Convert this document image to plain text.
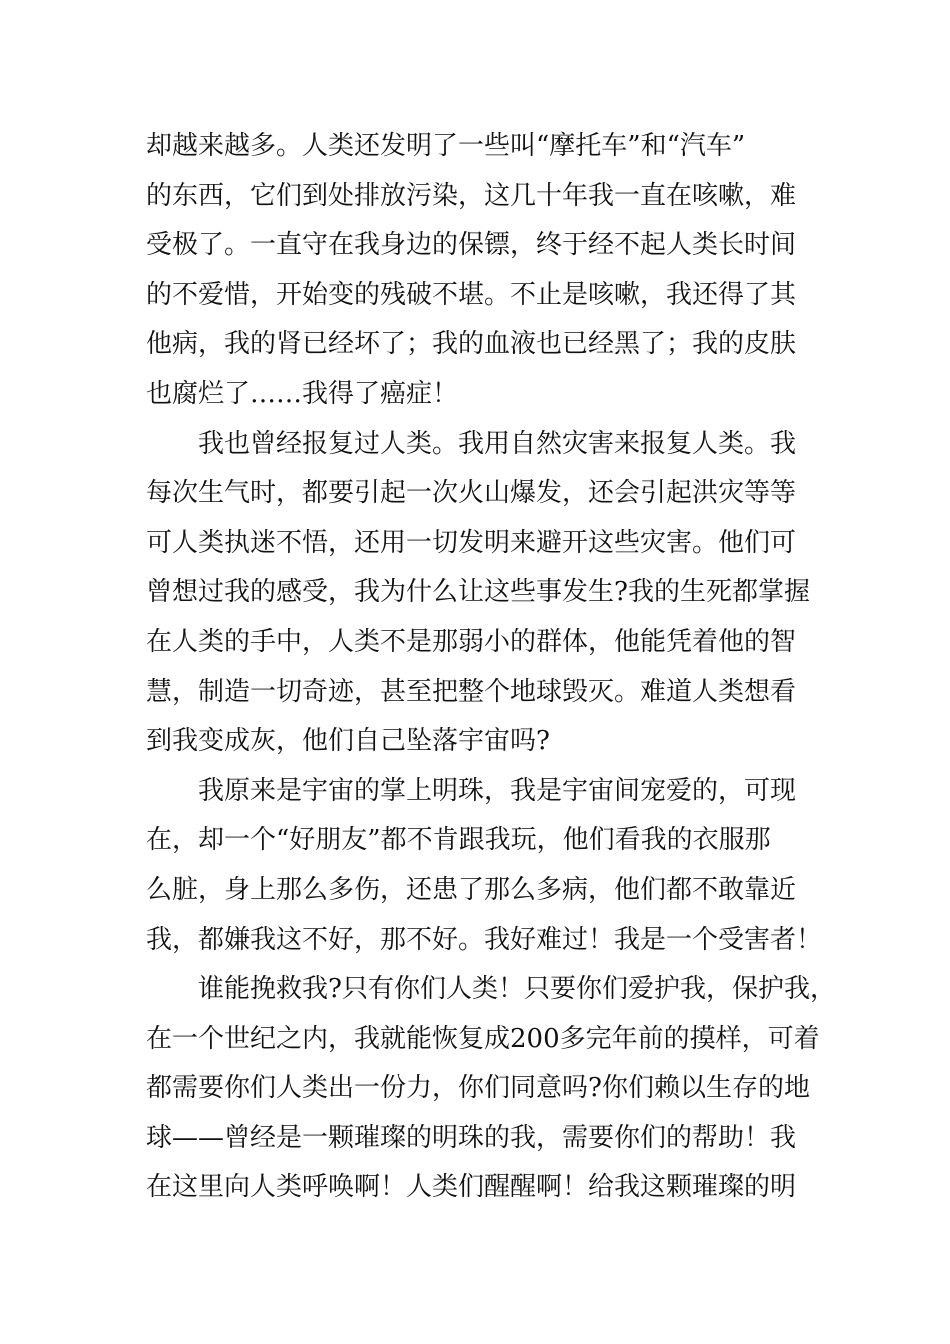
却越来越多。人类还发明了一些叫“摩托车”和“汽车”
的东西，它们到处排放污染，这几十年我一直在咳嗽，难
受极了。一直守在我身边的保镖，终于经不起人类长时间
的不爱惜，开始变的残破不堪。不止是咳嗽，我还得了其
他病，我的肾已经坏了；我的血液也已经黑了；我的皮肤
也腐烂了……我得了癌症！
我也曾经报复过人类。我用自然灾害来报复人类。我
每次生气时，都要引起一次火山爆发，还会引起洪灾等等
可人类执迷不悟，还用一切发明来避开这些灾害。他们可
曾想过我的感受，我为什么让这些事发生?我的生死都掌握
在人类的手中，人类不是那弱小的群体，他能凭着他的智
慧，制造一切奇迹，甚至把整个地球毁灭。难道人类想看
到我变成灰，他们自己坠落宇宙吗?
我原来是宇宙的掌上明珠，我是宇宙间宠爱的，可现
在，却一个“好朋友”都不肯跟我玩，他们看我的衣服那
么脏，身上那么多伤，还患了那么多病，他们都不敢靠近
我，都嫌我这不好，那不好。我好难过！我是一个受害者！
谁能挽救我?只有你们人类！只要你们爱护我，保护我，
在一个世纪之内，我就能恢复成200多完年前的摸样，可着
都需要你们人类出一份力，你们同意吗?你们赖以生存的地
球——曾经是一颗璀璨的明珠的我，需要你们的帮助！我
在这里向人类呼唤啊！人类们醒醒啊！给我这颗璀璨的明
